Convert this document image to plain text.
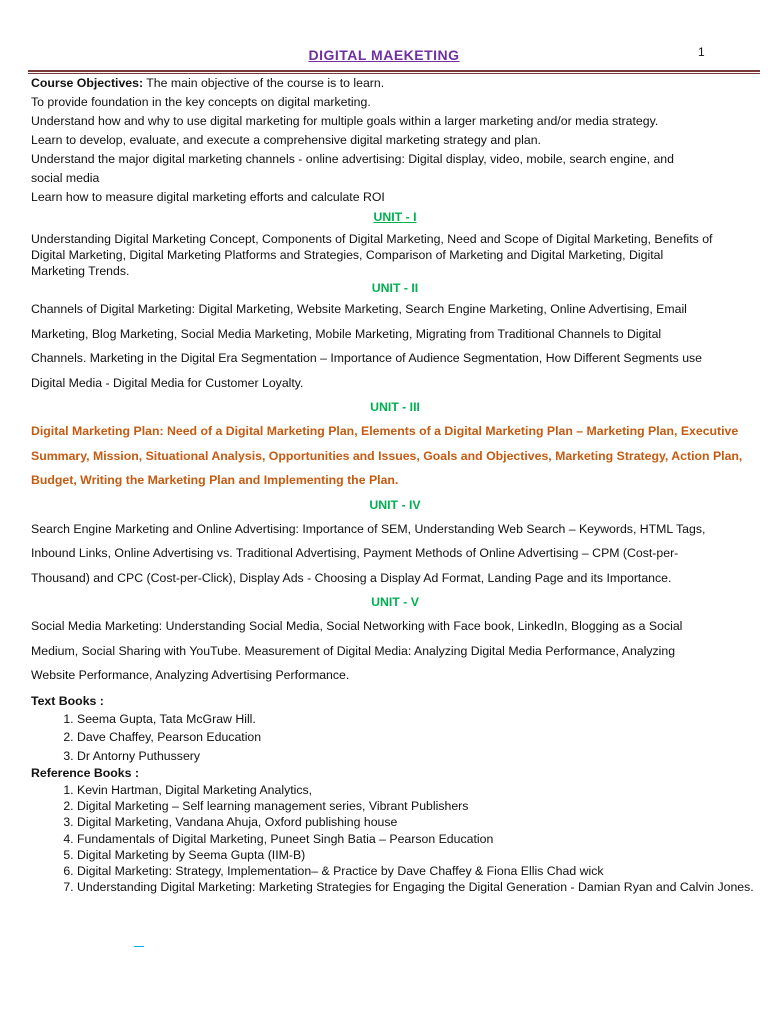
DIGITAL MAEKETING	1
Course Objectives: The main objective of the course is to learn.
To provide foundation in the key concepts on digital marketing.
Understand how and why to use digital marketing for multiple goals within a larger marketing and/or media strategy.
Learn to develop, evaluate, and execute a comprehensive digital marketing strategy and plan.
Understand the major digital marketing channels - online advertising: Digital display, video, mobile, search engine, and
social media
Learn how to measure digital marketing efforts and calculate ROI
UNIT - I
Understanding Digital Marketing Concept, Components of Digital Marketing, Need and Scope of Digital Marketing, Benefits of
Digital Marketing, Digital Marketing Platforms and Strategies, Comparison of Marketing and Digital Marketing, Digital
Marketing Trends.
UNIT - II
Channels of Digital Marketing: Digital Marketing, Website Marketing, Search Engine Marketing, Online Advertising, Email
Marketing, Blog Marketing, Social Media Marketing, Mobile Marketing, Migrating from Traditional Channels to Digital
Channels. Marketing in the Digital Era Segmentation – Importance of Audience Segmentation, How Different Segments use
Digital Media - Digital Media for Customer Loyalty.
UNIT - III
Digital Marketing Plan: Need of a Digital Marketing Plan, Elements of a Digital Marketing Plan – Marketing Plan, Executive
Summary, Mission, Situational Analysis, Opportunities and Issues, Goals and Objectives, Marketing Strategy, Action Plan,
Budget, Writing the Marketing Plan and Implementing the Plan.
UNIT - IV
Search Engine Marketing and Online Advertising: Importance of SEM, Understanding Web Search – Keywords, HTML Tags,
Inbound Links, Online Advertising vs. Traditional Advertising, Payment Methods of Online Advertising – CPM (Cost-per-
Thousand) and CPC (Cost-per-Click), Display Ads - Choosing a Display Ad Format, Landing Page and its Importance.
UNIT - V
Social Media Marketing: Understanding Social Media, Social Networking with Face book, LinkedIn, Blogging as a Social
Medium, Social Sharing with YouTube. Measurement of Digital Media: Analyzing Digital Media Performance, Analyzing
Website Performance, Analyzing Advertising Performance.
Text Books :
1. Seema Gupta, Tata McGraw Hill.
2. Dave Chaffey, Pearson Education
3. Dr Antorny Puthussery
Reference Books :
1. Kevin Hartman, Digital Marketing Analytics,
2. Digital Marketing – Self learning management series, Vibrant Publishers
3. Digital Marketing, Vandana Ahuja, Oxford publishing house
4. Fundamentals of Digital Marketing, Puneet Singh Batia – Pearson Education
5. Digital Marketing by Seema Gupta (IIM-B)
6. Digital Marketing: Strategy, Implementation– & Practice by Dave Chaffey & Fiona Ellis Chad wick
7. Understanding Digital Marketing: Marketing Strategies for Engaging the Digital Generation - Damian Ryan and Calvin Jones.
